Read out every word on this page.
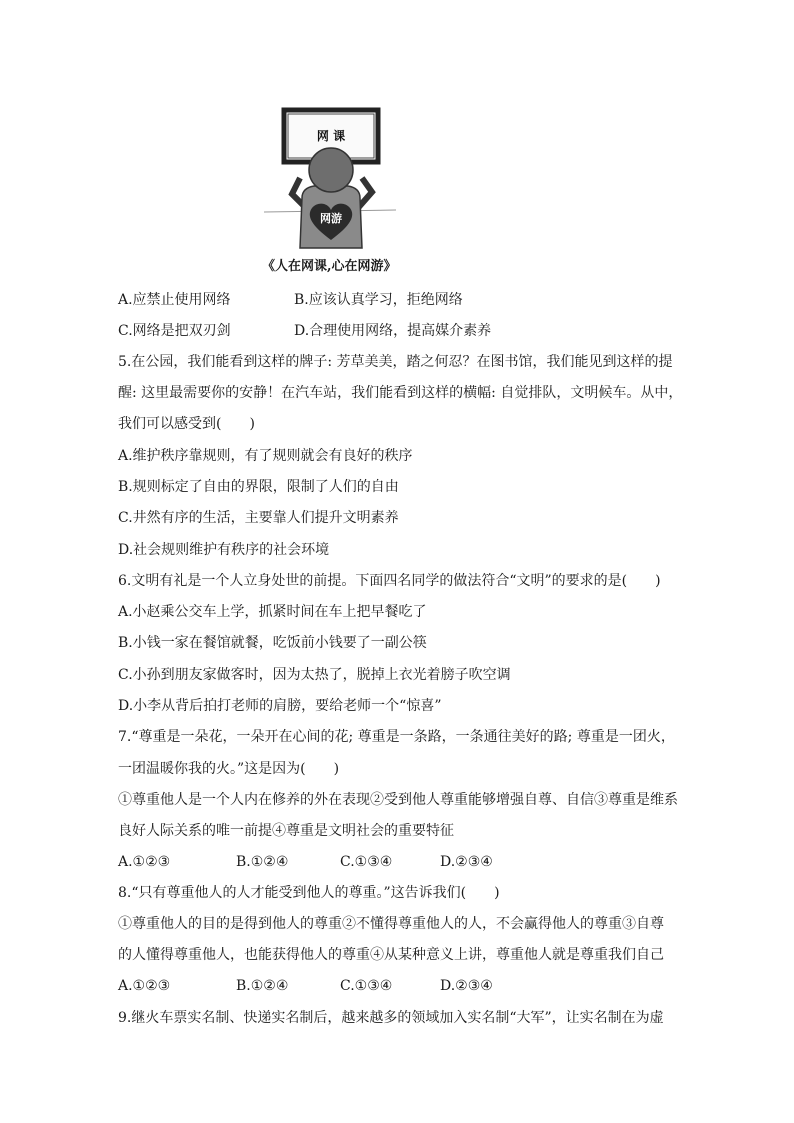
网 课
网游
《人在网课,心在网游》
A.应禁止使用网络	B.应该认真学习，拒绝网络
C.网络是把双刃剑	D.合理使用网络，提高媒介素养
5.在公园，我们能看到这样的牌子: 芳草美美，踏之何忍？在图书馆，我们能见到这样的提
醒: 这里最需要你的安静！在汽车站，我们能看到这样的横幅: 自觉排队，文明候车。从中，
我们可以感受到(　　)
A.维护秩序靠规则，有了规则就会有良好的秩序
B.规则标定了自由的界限，限制了人们的自由
C.井然有序的生活，主要靠人们提升文明素养
D.社会规则维护有秩序的社会环境
6.文明有礼是一个人立身处世的前提。下面四名同学的做法符合“文明”的要求的是(　　)
A.小赵乘公交车上学，抓紧时间在车上把早餐吃了
B.小钱一家在餐馆就餐，吃饭前小钱要了一副公筷
C.小孙到朋友家做客时，因为太热了，脱掉上衣光着膀子吹空调
D.小李从背后拍打老师的肩膀，要给老师一个“惊喜”
7.“尊重是一朵花，一朵开在心间的花; 尊重是一条路，一条通往美好的路; 尊重是一团火，
一团温暖你我的火。”这是因为(　　)
①尊重他人是一个人内在修养的外在表现②受到他人尊重能够增强自尊、自信③尊重是维系
良好人际关系的唯一前提④尊重是文明社会的重要特征
A.①②③	B.①②④	C.①③④	D.②③④
8.“只有尊重他人的人才能受到他人的尊重。”这告诉我们(　　)
①尊重他人的目的是得到他人的尊重②不懂得尊重他人的人，不会赢得他人的尊重③自尊
的人懂得尊重他人，也能获得他人的尊重④从某种意义上讲，尊重他人就是尊重我们自己
A.①②③	B.①②④	C.①③④	D.②③④
9.继火车票实名制、快递实名制后，越来越多的领域加入实名制“大军”，让实名制在为虚
